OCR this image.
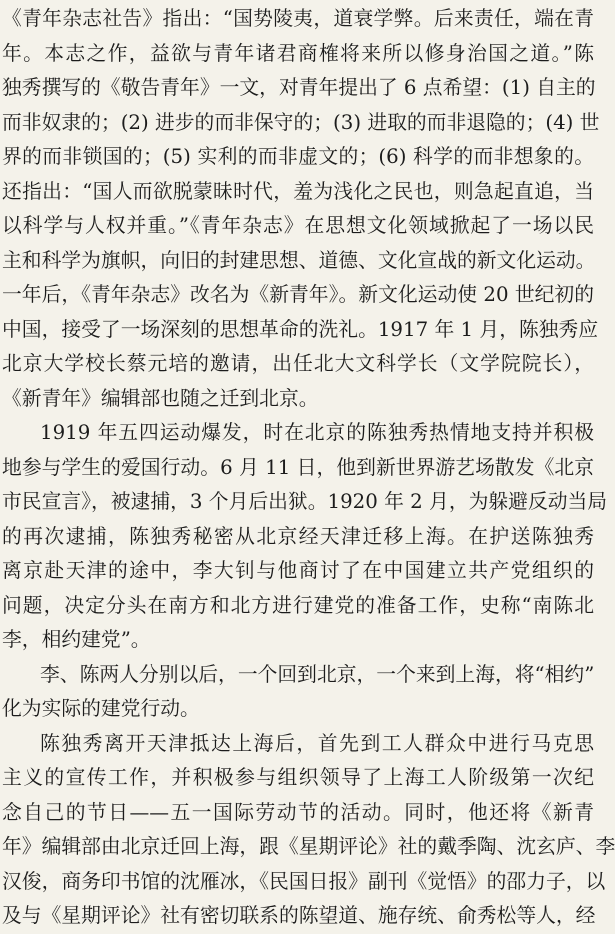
《青年杂志社告》指出：“国势陵夷，道衰学弊。后来责任，端在青
年。本志之作，益欲与青年诸君商榷将来所以修身治国之道。”陈
独秀撰写的《敬告青年》一文，对青年提出了 6 点希望：(1) 自主的
而非奴隶的；(2) 进步的而非保守的；(3) 进取的而非退隐的；(4) 世
界的而非锁国的；(5) 实利的而非虚文的；(6) 科学的而非想象的。
还指出：“国人而欲脱蒙昧时代，羞为浅化之民也，则急起直追，当
以科学与人权并重。”《青年杂志》在思想文化领域掀起了一场以民
主和科学为旗帜，向旧的封建思想、道德、文化宣战的新文化运动。
一年后，《青年杂志》改名为《新青年》。新文化运动使 20 世纪初的
中国，接受了一场深刻的思想革命的洗礼。1917 年 1 月，陈独秀应
北京大学校长蔡元培的邀请，出任北大文科学长（文学院院长），
《新青年》编辑部也随之迁到北京。
1919 年五四运动爆发，时在北京的陈独秀热情地支持并积极
地参与学生的爱国行动。6 月 11 日，他到新世界游艺场散发《北京
市民宣言》，被逮捕，3 个月后出狱。1920 年 2 月，为躲避反动当局
的再次逮捕，陈独秀秘密从北京经天津迁移上海。在护送陈独秀
离京赴天津的途中，李大钊与他商讨了在中国建立共产党组织的
问题，决定分头在南方和北方进行建党的准备工作，史称“南陈北
李，相约建党”。
李、陈两人分别以后，一个回到北京，一个来到上海，将“相约”
化为实际的建党行动。
陈独秀离开天津抵达上海后，首先到工人群众中进行马克思
主义的宣传工作，并积极参与组织领导了上海工人阶级第一次纪
念自己的节日——五一国际劳动节的活动。同时，他还将《新青
年》编辑部由北京迁回上海，跟《星期评论》社的戴季陶、沈玄庐、李
汉俊，商务印书馆的沈雁冰，《民国日报》副刊《觉悟》的邵力子，以
及与《星期评论》社有密切联系的陈望道、施存统、俞秀松等人，经
